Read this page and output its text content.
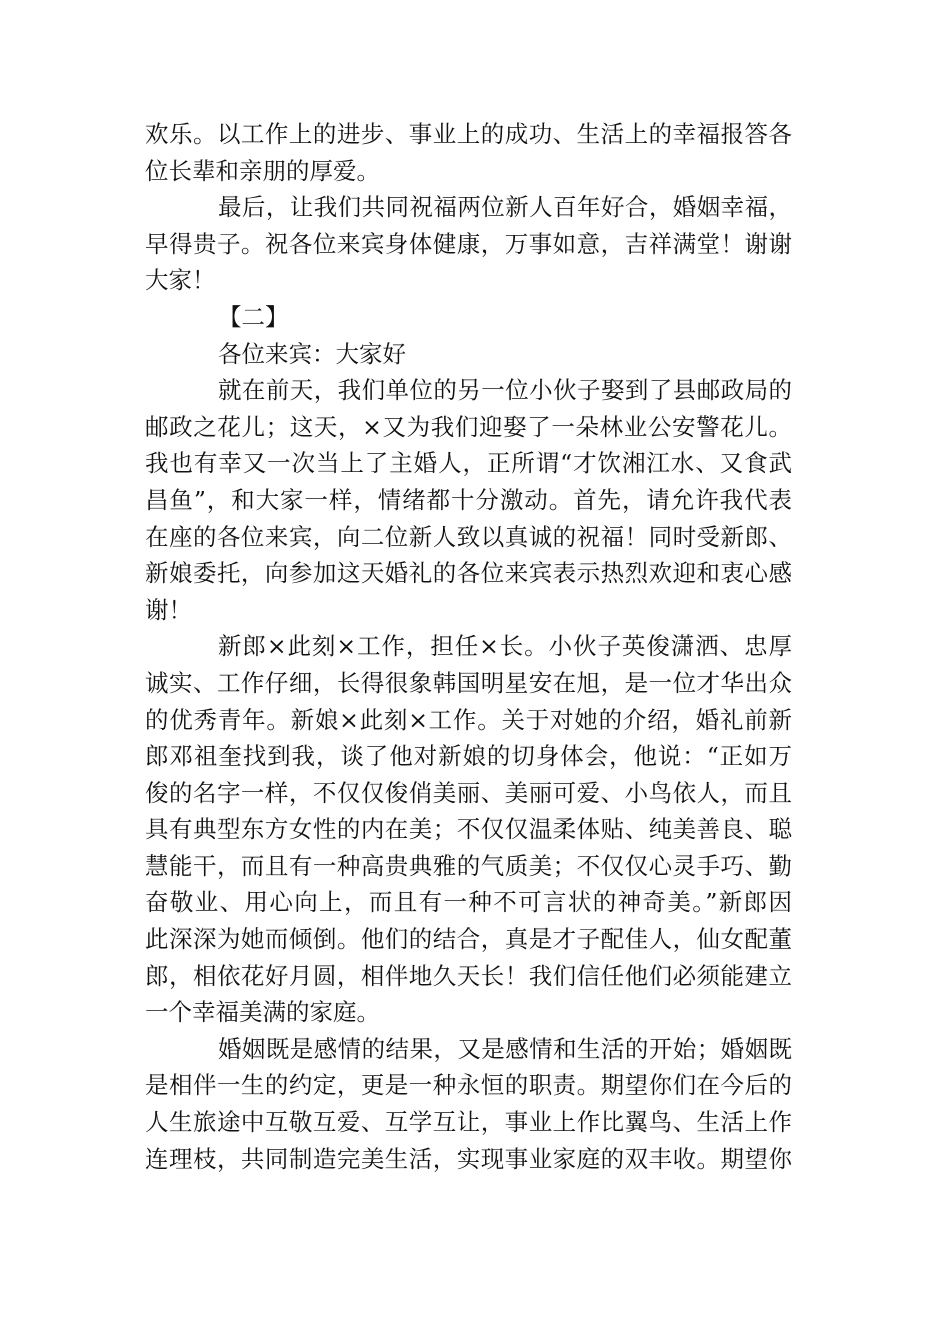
欢乐。以工作上的进步、事业上的成功、生活上的幸福报答各
位长辈和亲朋的厚爱。
最后，让我们共同祝福两位新人百年好合，婚姻幸福，
早得贵子。祝各位来宾身体健康，万事如意，吉祥满堂！谢谢
大家！
【二】
各位来宾：大家好
就在前天，我们单位的另一位小伙子娶到了县邮政局的
邮政之花儿；这天，×又为我们迎娶了一朵林业公安警花儿。
我也有幸又一次当上了主婚人，正所谓“才饮湘江水、又食武
昌鱼”，和大家一样，情绪都十分激动。首先，请允许我代表
在座的各位来宾，向二位新人致以真诚的祝福！同时受新郎、
新娘委托，向参加这天婚礼的各位来宾表示热烈欢迎和衷心感
谢！
新郎×此刻×工作，担任×长。小伙子英俊潇洒、忠厚
诚实、工作仔细，长得很象韩国明星安在旭，是一位才华出众
的优秀青年。新娘×此刻×工作。关于对她的介绍，婚礼前新
郎邓祖奎找到我，谈了他对新娘的切身体会，他说：“正如万
俊的名字一样，不仅仅俊俏美丽、美丽可爱、小鸟依人，而且
具有典型东方女性的内在美；不仅仅温柔体贴、纯美善良、聪
慧能干，而且有一种高贵典雅的气质美；不仅仅心灵手巧、勤
奋敬业、用心向上，而且有一种不可言状的神奇美。”新郎因
此深深为她而倾倒。他们的结合，真是才子配佳人，仙女配董
郎，相依花好月圆，相伴地久天长！我们信任他们必须能建立
一个幸福美满的家庭。
婚姻既是感情的结果，又是感情和生活的开始；婚姻既
是相伴一生的约定，更是一种永恒的职责。期望你们在今后的
人生旅途中互敬互爱、互学互让，事业上作比翼鸟、生活上作
连理枝，共同制造完美生活，实现事业家庭的双丰收。期望你
